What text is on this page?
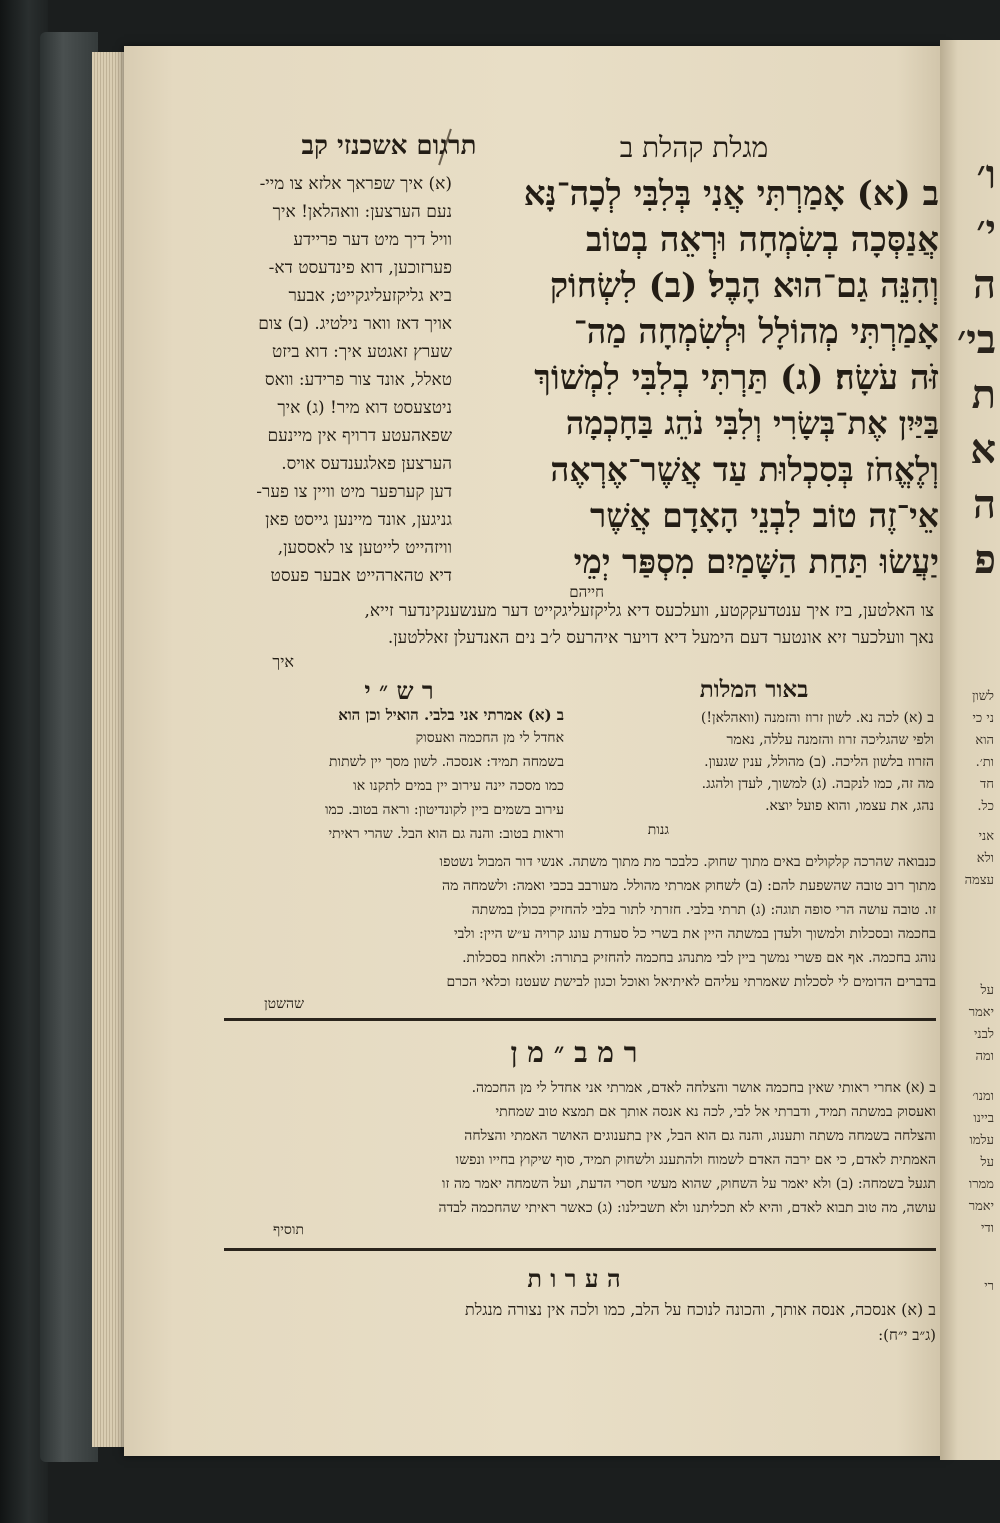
תרגום אשכנזי קב	מגלת קהלת ב
ב (א) אָמַרְתִּי אֲנִי בְּלִבִּי לְכָה־נָּא
אֲנַסְּכָה בְשִׂמְחָה וּרְאֵה בְטוֹב
וְהִנֵּה גַם־הוּא הָבֶל׃ (ב) לִשְׂחוֹק
אָמַרְתִּי מְהוֹלָל וּלְשִׂמְחָה מַה־
זֹּה עֹשָׂה׃ (ג) תַּרְתִּי בְלִבִּי לִמְשׁוֹךְ
בַּיַּיִן אֶת־בְּשָׂרִי וְלִבִּי נֹהֵג בַּחָכְמָה
וְלֶאֱחֹז בְּסִכְלוּת עַד אֲשֶׁר־אֶרְאֶה
אֵי־זֶה טוֹב לִבְנֵי הָאָדָם אֲשֶׁר
יַעֲשׂוּ תַּחַת הַשָּׁמַיִם מִסְפַּר יְמֵי
חייהם
(א) איך שפראך אלזא צו מיי-
נעם הערצען: וואהלאן! איך
וויל דיך מיט דער פריידע
פערזוכען, דוא פינדעסט דא-
ביא גליקזעליגקייט; אבער
אויך דאז וואר נילטיג. (ב) צום
שערץ זאגטע איך: דוא ביזט
טאלל, אונד צור פרידע: וואס
ניטצעסט דוא מיר! (ג) איך
שפאהעטע דרויף אין מיינעם
הערצען פאלגענדעס אויס.
דען קערפער מיט וויין צו פער-
גניגען, אונד מיינען גייסט פאן
וויזהייט לייטען צו לאססען,
דיא טהארהייט אבער פעסט
צו האלטען, ביז איך ענטדעקקטע, וועלכעס דיא גליקזעליגקייט דער מענשענקינדער זייא,
נאך וועלכער זיא אונטער דעם הימעל דיא דויער איהרעס ל׳ב נים האנדעלן זאללטען.
איך
באור המלות
ב (א) לכה נא. לשון זרוז והזמנה (וואהלאן!)
ולפי שהגליכה זרוז והזמנה עללה, נאמר
הזרוז בלשון הליכה. (ב) מהולל, ענין שגעון.
מה זה, כמו לנקבה. (ג) למשוך, לעדן ולהגג.
נהג, את עצמו, והוא פועל יוצא.
גנות
ר ש ״ י
ב (א) אמרתי אני בלבי. הואיל וכן הוא
אחדל לי מן החכמה ואעסוק
בשמחה תמיד: אנסכה. לשון מסך יין לשתות
כמו מסכה יינה עירוב יין במים לתקנו או
עירוב בשמים ביין לקונדיטון: וראה בטוב. כמו
וראות בטוב: והנה גם הוא הבל. שהרי ראיתי
כנבואה שהרכה קלקולים באים מתוך שחוק. כלבכר מת מתוך משתה. אנשי דור המבול נשטפו
מתוך רוב טובה שהשפעת להם: (ב) לשחוק אמרתי מהולל. מעורבב בכבי ואמה: ולשמחה מה
זו. טובה עושה הרי סופה תוגה: (ג) תרתי בלבי. חזרתי לתור בלבי להחזיק בכולן במשתה
בחכמה ובסכלות ולמשוך ולעדן במשתה היין את בשרי כל סעודת עונג קרויה ע״ש היין: ולבי
נוהג בחכמה. אף אם פשרי נמשך ביין לבי מתנהג בחכמה להחזיק בתורה: ולאחוז בסכלות.
בדברים הדומים לי לסכלות שאמרתי עליהם לאיתיאל ואוכל וכגון לבישת שעטנז וכלאי הכרם
שהשטן
ר מ ב ״ מ ן
ב (א) אחרי ראותי שאין בחכמה אושר והצלחה לאדם, אמרתי אני אחדל לי מן החכמה.
ואעסוק במשתה תמיד, ודברתי אל לבי, לכה נא אנסה אותך אם תמצא טוב שמחתי
והצלחה בשמחה משתה ותענוג, והנה גם הוא הבל, אין בתענוגים האושר האמתי והצלחה
האמתית לאדם, כי אם ירבה האדם לשמוח ולהתענג ולשחוק תמיד, סוף שיקוץ בחייו ונפשו
תגעל בשמחה: (ב) ולא יאמר על השחוק, שהוא מעשי חסרי הדעת, ועל השמחה יאמר מה זו
עושה, מה טוב תבוא לאדם, והיא לא תכליתנו ולא תשבילנו: (ג) כאשר ראיתי שהחכמה לבדה
תוסיף
ה ע ר ו ת
ב (א) אנסכה, אנסה אותך, והכונה לנוכח על הלב, כמו ולכה אין נצורה מנגלת
(ג״ב י״ח):
ו׳
י׳
ה
בי׳
ת
א
ה
פ
לשון
ני כי
הוא
ות׳.
חד
כל.
אני
ולא
עצמה
על
יאמר
לבני
ומה
ומנו׳
ביינו
עלמו
על
ממרו
יאמר
ודי
רי
